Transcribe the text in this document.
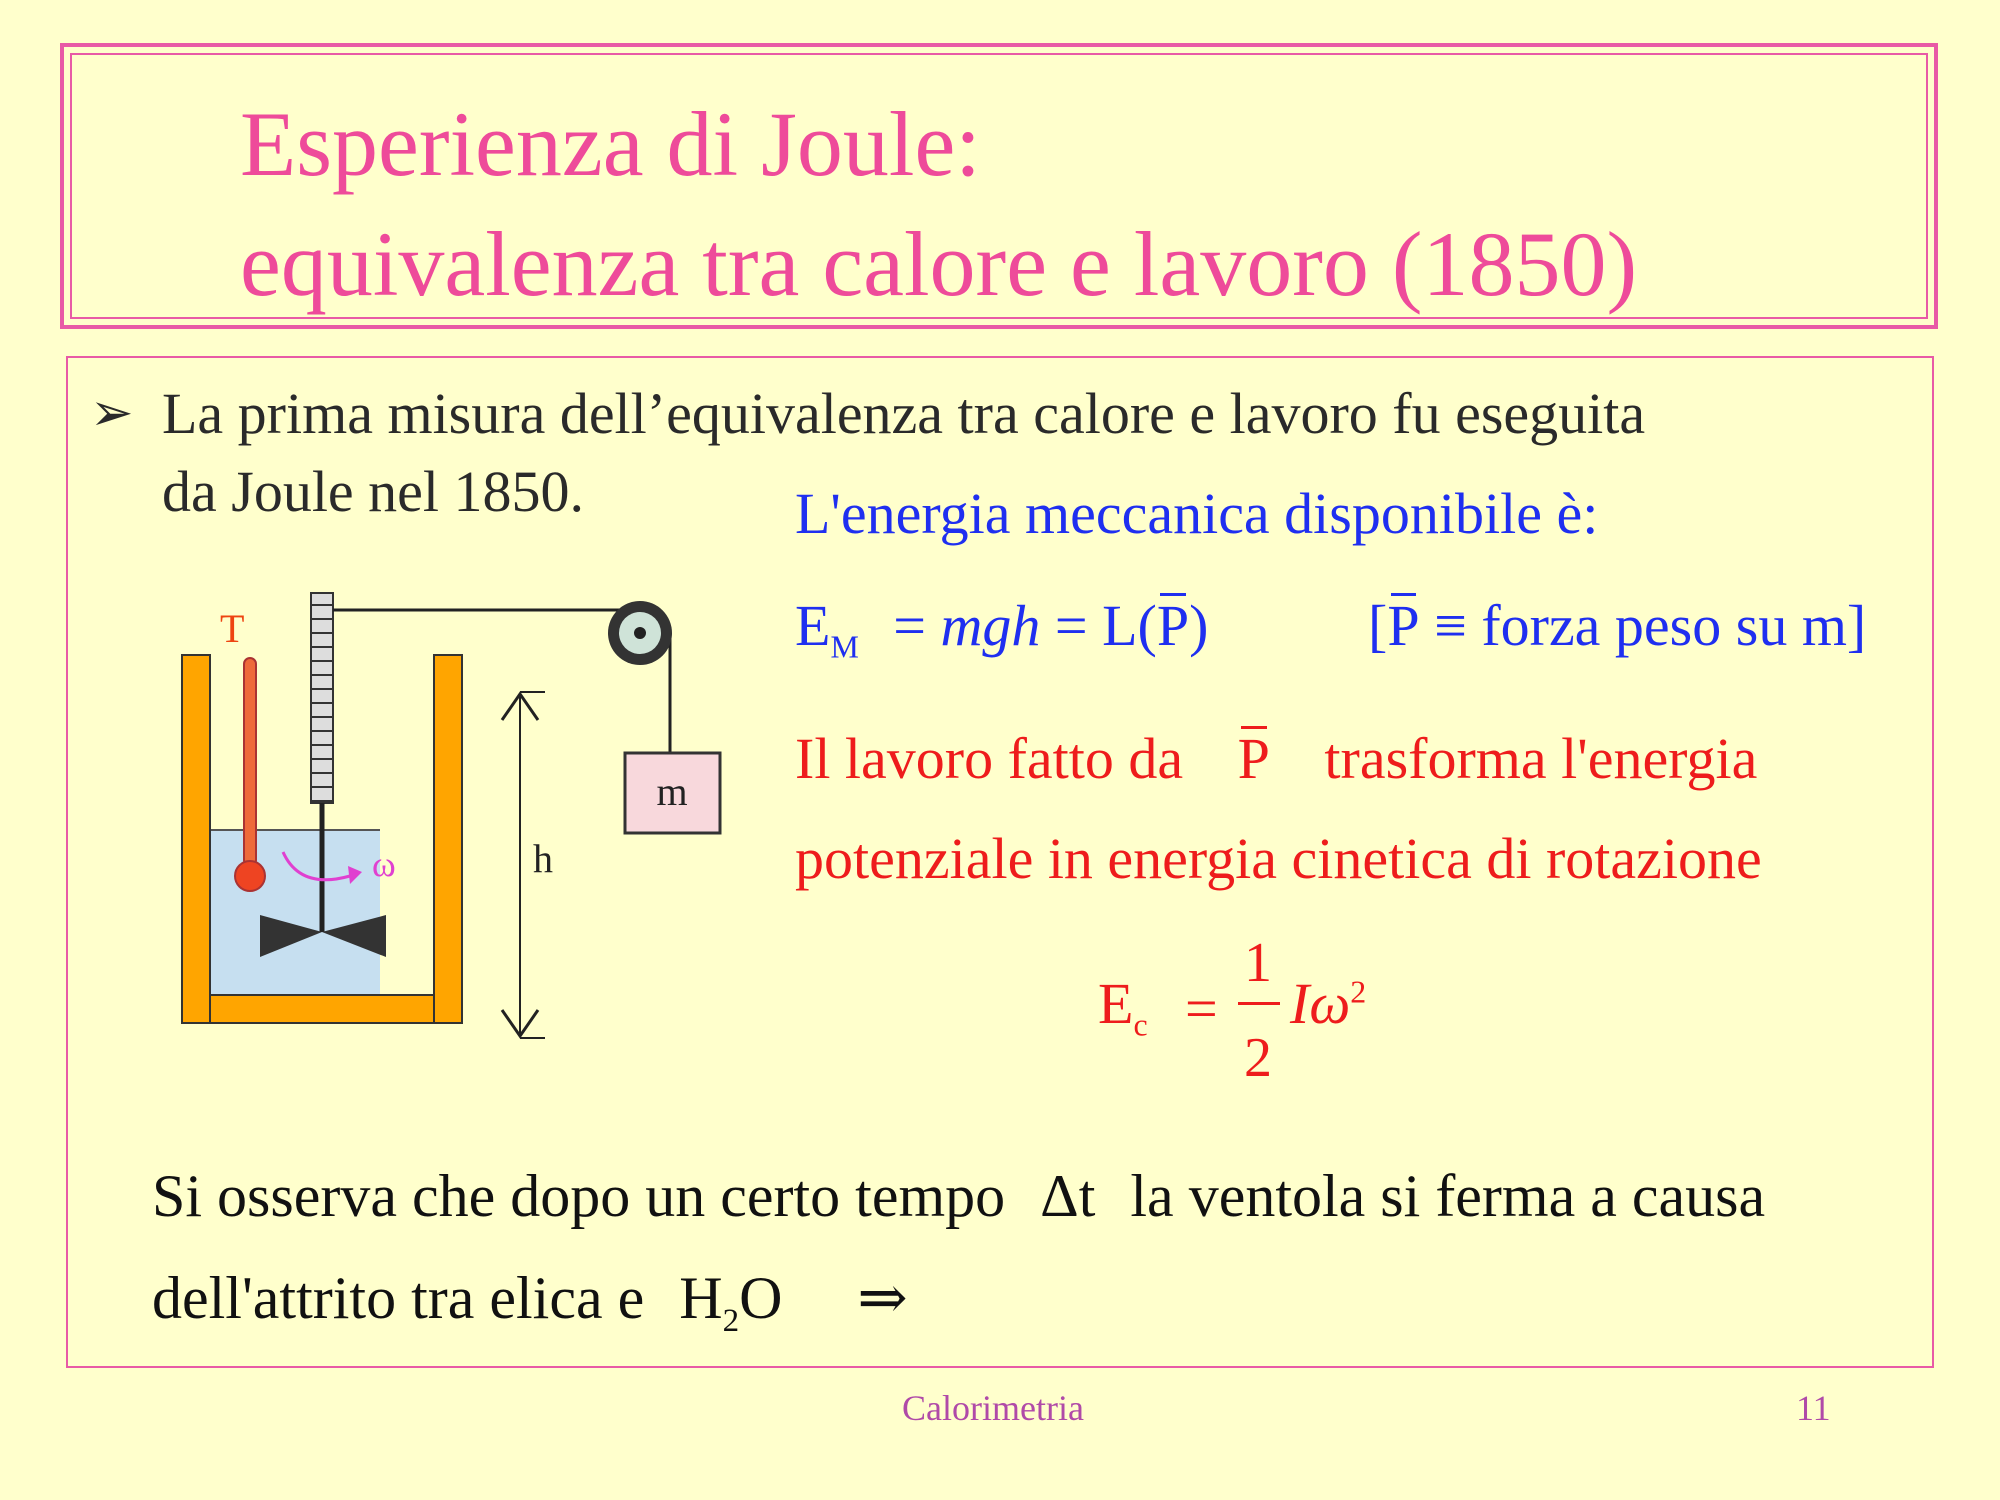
Esperienza di Joule:
equivalenza tra calore e lavoro (1850)
➢ La prima misura dell’equivalenza tra calore e lavoro fu eseguita
da Joule nel 1850.	L'energia meccanica disponibile è:
$E_M$ = mgh = L(P)	[P ≡ forza peso su m]
Il lavoro fatto da P trasforma l'energia
potenziale in energia cinetica di rotazione
$E_c$ =
1
2
$I\omega^2$
Si osserva che dopo un certo tempo Δt la ventola si ferma a causa
dell'attrito tra elica e $H_2O$ ⇒
T
ω
m
h
Calorimetria	11
